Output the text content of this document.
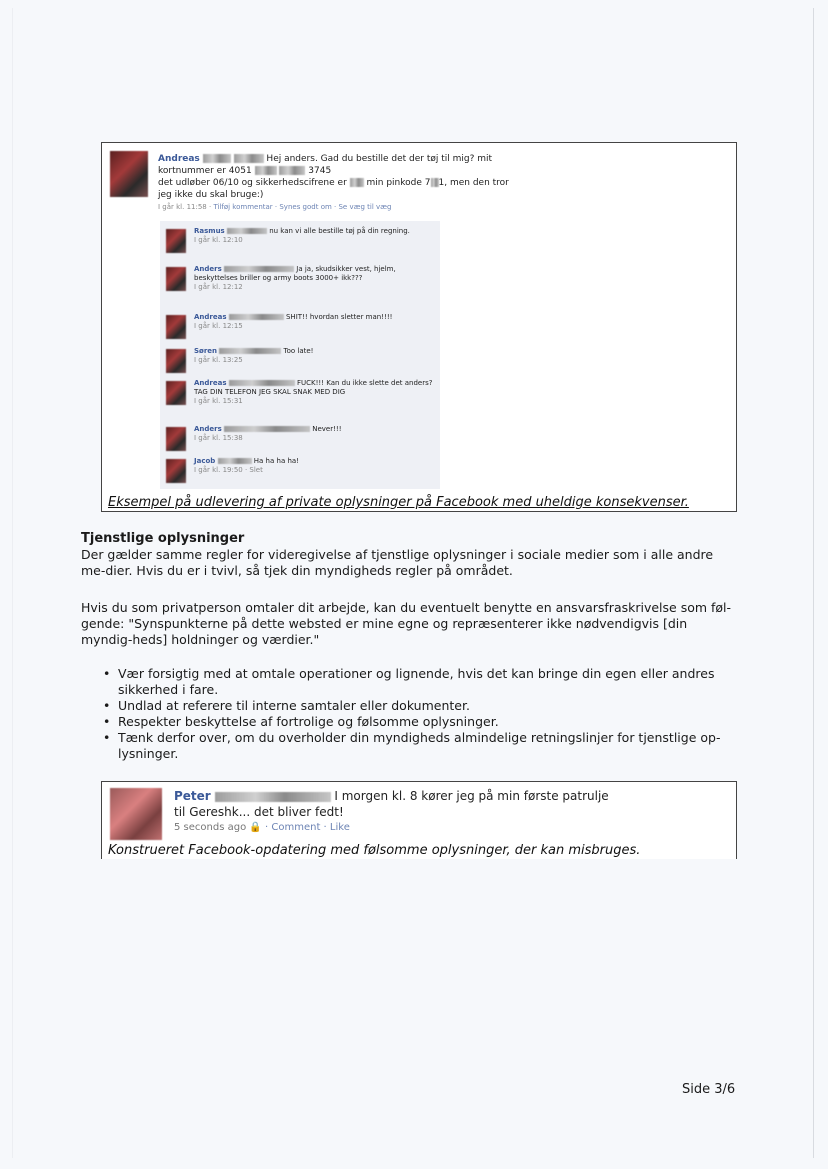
Andreas	Hej anders. Gad du bestille det der tøj til mig? mit
kortnummer er 4051	3745
det udløber 06/10 og sikkerhedscifrene er min pinkode 7 1, men den tror
jeg ikke du skal bruge:)
I går kl. 11:58 · Tilføj kommentar · Synes godt om · Se væg til væg
Rasmus	nu kan vi alle bestille tøj på din regning.
I går kl. 12:10
Anders	Ja ja, skudsikker vest, hjelm, beskyttelses briller og army boots 3000+ ikk???
I går kl. 12:12
Andreas	SHIT!! hvordan sletter man!!!!
I går kl. 12:15
Søren	Too late!
I går kl. 13:25
Andreas	FUCK!!! Kan du ikke slette det anders? TAG DIN TELEFON JEG SKAL SNAK MED DIG
I går kl. 15:31
Anders	Never!!!
I går kl. 15:38
Jacob	Ha ha ha ha!
I går kl. 19:50 · Slet
Eksempel på udlevering af private oplysninger på Facebook med uheldige konsekvenser.
Tjenstlige oplysninger

Der gælder samme regler for videregivelse af tjenstlige oplysninger i sociale medier som i alle andre me-dier. Hvis du er i tvivl, så tjek din myndigheds regler på området.

Hvis du som privatperson omtaler dit arbejde, kan du eventuelt benytte en ansvarsfraskrivelse som føl-gende: "Synspunkterne på dette websted er mine egne og repræsenterer ikke nødvendigvis [din myndig-heds] holdninger og værdier."

• Vær forsigtig med at omtale operationer og lignende, hvis det kan bringe din egen eller andres sikkerhed i fare.
• Undlad at referere til interne samtaler eller dokumenter.
• Respekter beskyttelse af fortrolige og følsomme oplysninger.
• Tænk derfor over, om du overholder din myndigheds almindelige retningslinjer for tjenstlige op-lysninger.
Peter	I morgen kl. 8 kører jeg på min første patrulje
til Gereshk... det bliver fedt!
5 seconds ago 🔒 · Comment · Like
Konstrueret Facebook-opdatering med følsomme oplysninger, der kan misbruges.
Side 3/6
